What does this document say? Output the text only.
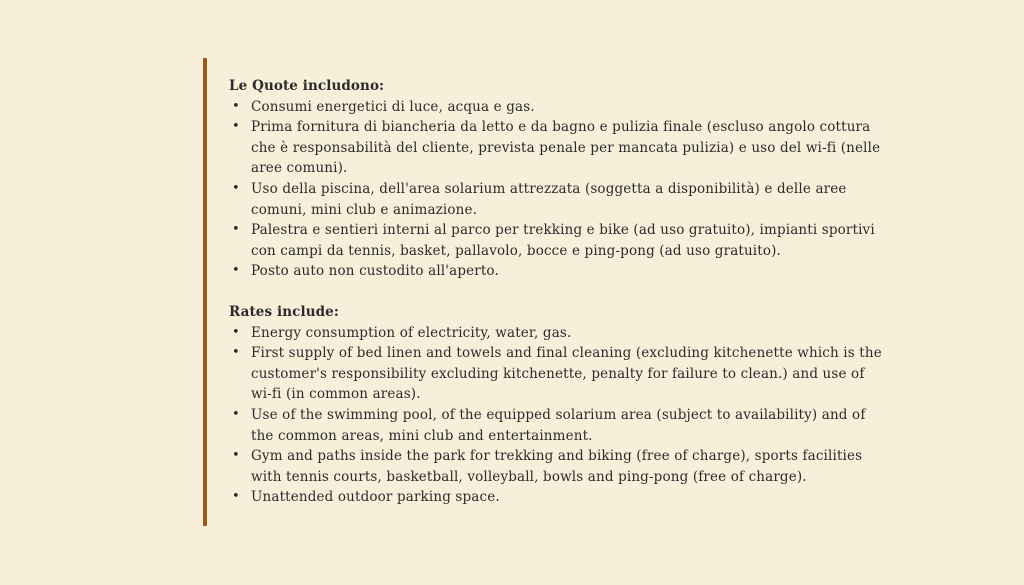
Le Quote includono:

• Consumi energetici di luce, acqua e gas.
• Prima fornitura di biancheria da letto e da bagno e pulizia finale (escluso angolo cottura che è responsabilità del cliente, prevista penale per mancata pulizia) e uso del wi-fi (nelle aree comuni).
• Uso della piscina, dell'area solarium attrezzata (soggetta a disponibilità) e delle aree comuni, mini club e animazione.
• Palestra e sentieri interni al parco per trekking e bike (ad uso gratuito), impianti sportivi con campi da tennis, basket, pallavolo, bocce e ping-pong (ad uso gratuito).
• Posto auto non custodito all'aperto.

Rates include:

• Energy consumption of electricity, water, gas.
• First supply of bed linen and towels and final cleaning (excluding kitchenette which is the customer's responsibility excluding kitchenette, penalty for failure to clean.) and use of wi-fi (in common areas).
• Use of the swimming pool, of the equipped solarium area (subject to availability) and of the common areas, mini club and entertainment.
• Gym and paths inside the park for trekking and biking (free of charge), sports facilities with tennis courts, basketball, volleyball, bowls and ping-pong (free of charge).
• Unattended outdoor parking space.
